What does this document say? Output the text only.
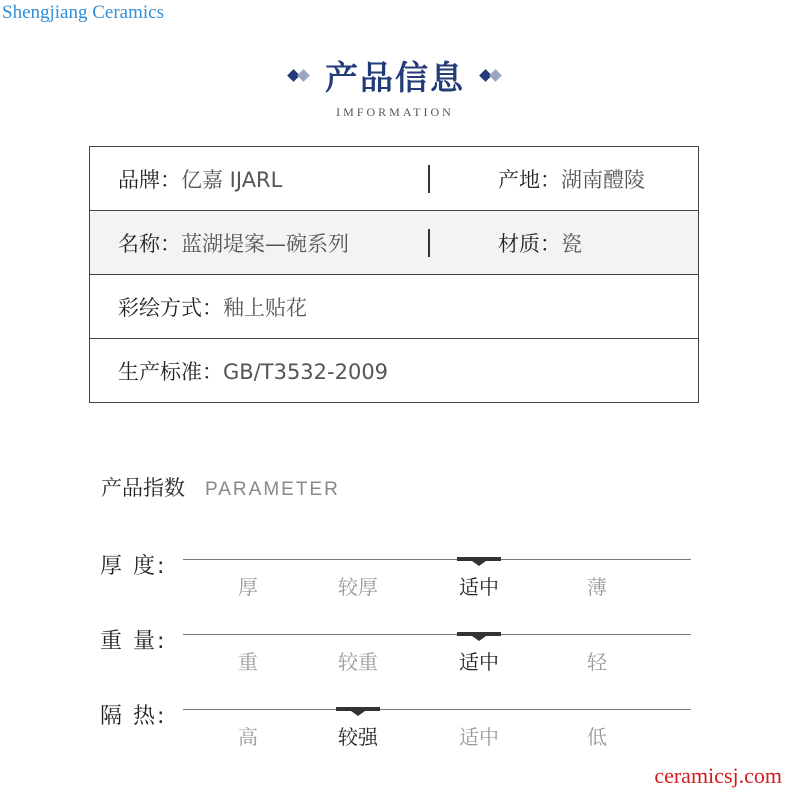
Shengjiang Ceramics
产品信息
IMFORMATION
品牌：亿嘉 IJARL	产地：湖南醴陵
名称：蓝湖堤案—碗系列	材质：瓷
彩绘方式：釉上贴花
生产标准：GB/T3532-2009
产品指数 PARAMETER
厚 度:
厚	较厚	适中	薄
重 量:
重	较重	适中	轻
隔 热:
高	较强	适中	低
ceramicsj.com
